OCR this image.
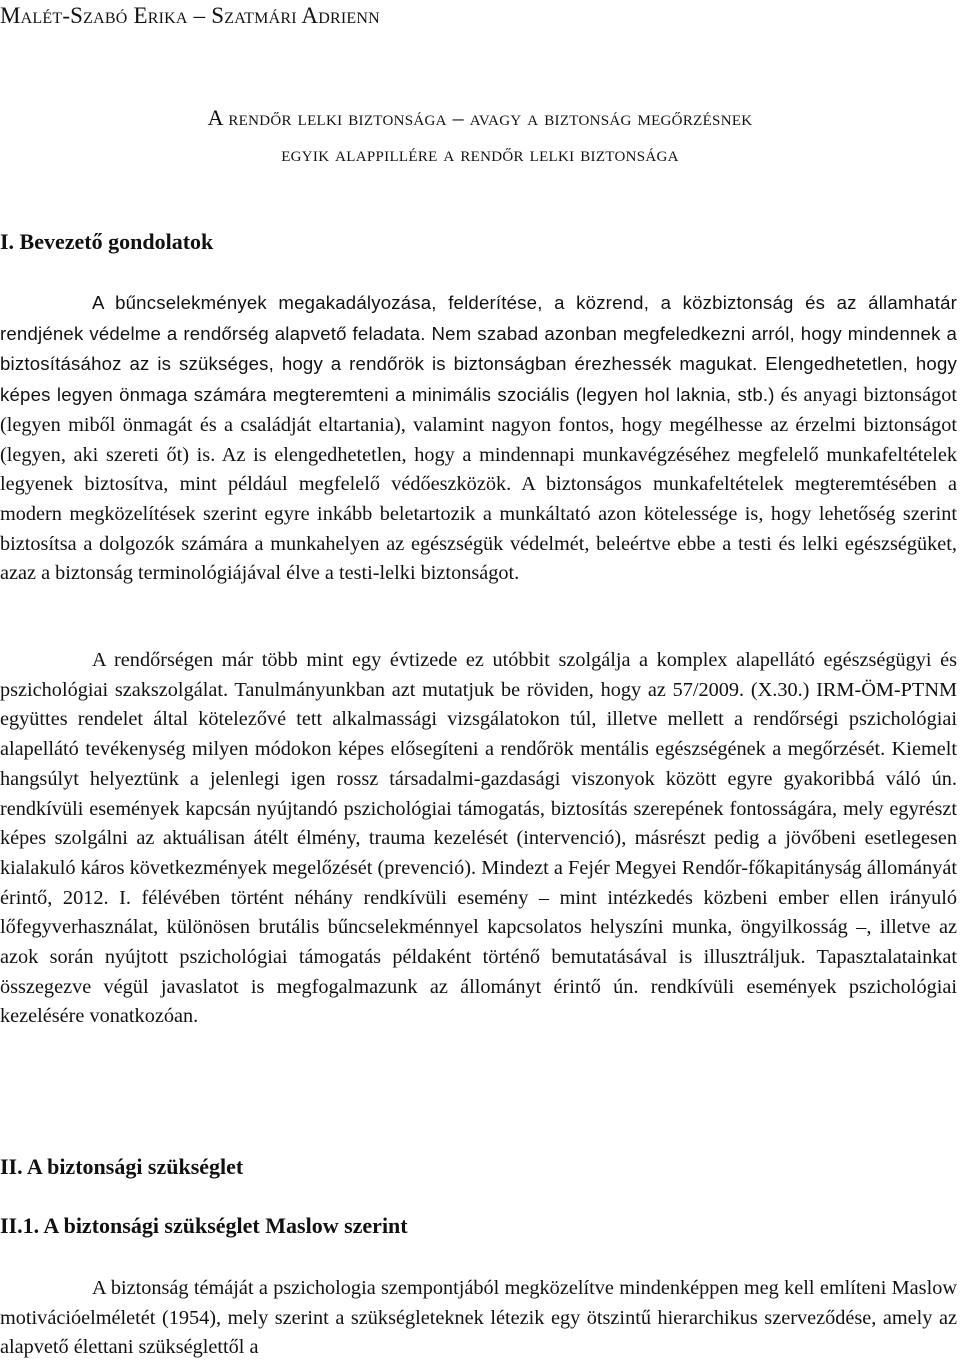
Malét-Szabó Erika – Szatmári Adrienn
A rendőr lelki biztonsága – avagy a biztonság megőrzésnek
egyik alappillére a rendőr lelki biztonsága
I. Bevezető gondolatok

A bűncselekmények megakadályozása, felderítése, a közrend, a közbiztonság és az államhatár rendjének védelme a rendőrség alapvető feladata. Nem szabad azonban megfeledkezni arról, hogy mindennek a biztosításához az is szükséges, hogy a rendőrök is biztonságban érezhessék magukat. Elengedhetetlen, hogy képes legyen önmaga számára megteremteni a minimális szociális (legyen hol laknia, stb.) és anyagi biztonságot (legyen miből önmagát és a családját eltartania), valamint nagyon fontos, hogy megélhesse az érzelmi biztonságot (legyen, aki szereti őt) is. Az is elengedhetetlen, hogy a mindennapi munkavégzéséhez megfelelő munkafeltételek legyenek biztosítva, mint például megfelelő védőeszközök. A biztonságos munkafeltételek megteremtésében a modern megközelítések szerint egyre inkább beletartozik a munkáltató azon kötelessége is, hogy lehetőség szerint biztosítsa a dolgozók számára a munkahelyen az egészségük védelmét, beleértve ebbe a testi és lelki egészségüket, azaz a biztonság terminológiájával élve a testi-lelki biztonságot.

A rendőrségen már több mint egy évtizede ez utóbbit szolgálja a komplex alapellátó egészségügyi és pszichológiai szakszolgálat. Tanulmányunkban azt mutatjuk be röviden, hogy az 57/2009. (X.30.) IRM-ÖM-PTNM együttes rendelet által kötelezővé tett alkalmassági vizsgálatokon túl, illetve mellett a rendőrségi pszichológiai alapellátó tevékenység milyen módokon képes elősegíteni a rendőrök mentális egészségének a megőrzését. Kiemelt hangsúlyt helyeztünk a jelenlegi igen rossz társadalmi-gazdasági viszonyok között egyre gyakoribbá váló ún. rendkívüli események kapcsán nyújtandó pszichológiai támogatás, biztosítás szerepének fontosságára, mely egyrészt képes szolgálni az aktuálisan átélt élmény, trauma kezelését (intervenció), másrészt pedig a jövőbeni esetlegesen kialakuló káros következmények megelőzését (prevenció). Mindezt a Fejér Megyei Rendőr-főkapitányság állományát érintő, 2012. I. félévében történt néhány rendkívüli esemény – mint intézkedés közbeni ember ellen irányuló lőfegyverhasználat, különösen brutális bűncselekménnyel kapcsolatos helyszíni munka, öngyilkosság –, illetve az azok során nyújtott pszichológiai támogatás példaként történő bemutatásával is illusztráljuk. Tapasztalatainkat összegezve végül javaslatot is megfogalmazunk az állományt érintő ún. rendkívüli események pszichológiai kezelésére vonatkozóan.

II. A biztonsági szükséglet
II.1. A biztonsági szükséglet Maslow szerint

A biztonság témáját a pszichologia szempontjából megközelítve mindenképpen meg kell említeni Maslow motivációelméletét (1954), mely szerint a szükségleteknek létezik egy ötszintű hierarchikus szerveződése, amely az alapvető élettani szükséglettől a
